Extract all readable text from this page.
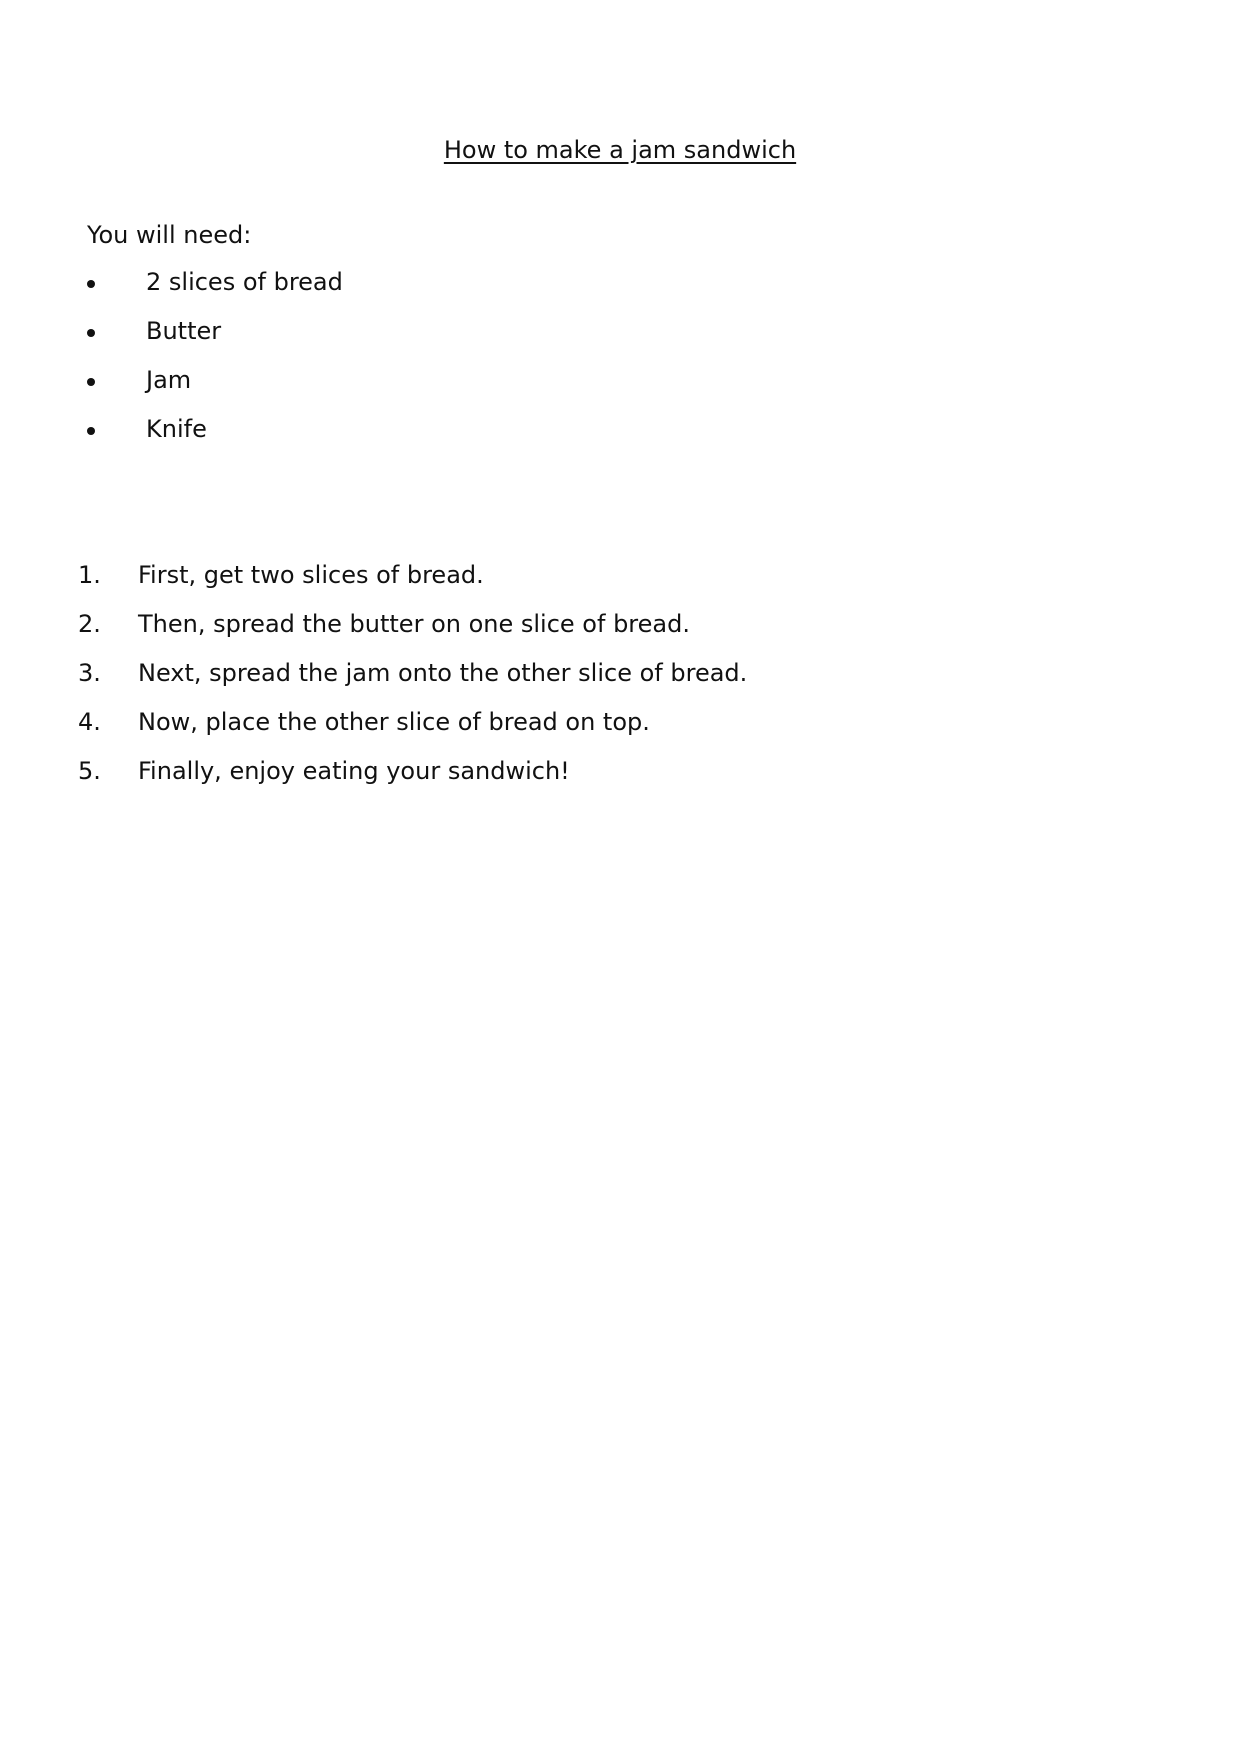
How to make a jam sandwich
You will need:
2 slices of bread
Butter
Jam
Knife
1. First, get two slices of bread.
2. Then, spread the butter on one slice of bread.
3. Next, spread the jam onto the other slice of bread.
4. Now, place the other slice of bread on top.
5. Finally, enjoy eating your sandwich!
